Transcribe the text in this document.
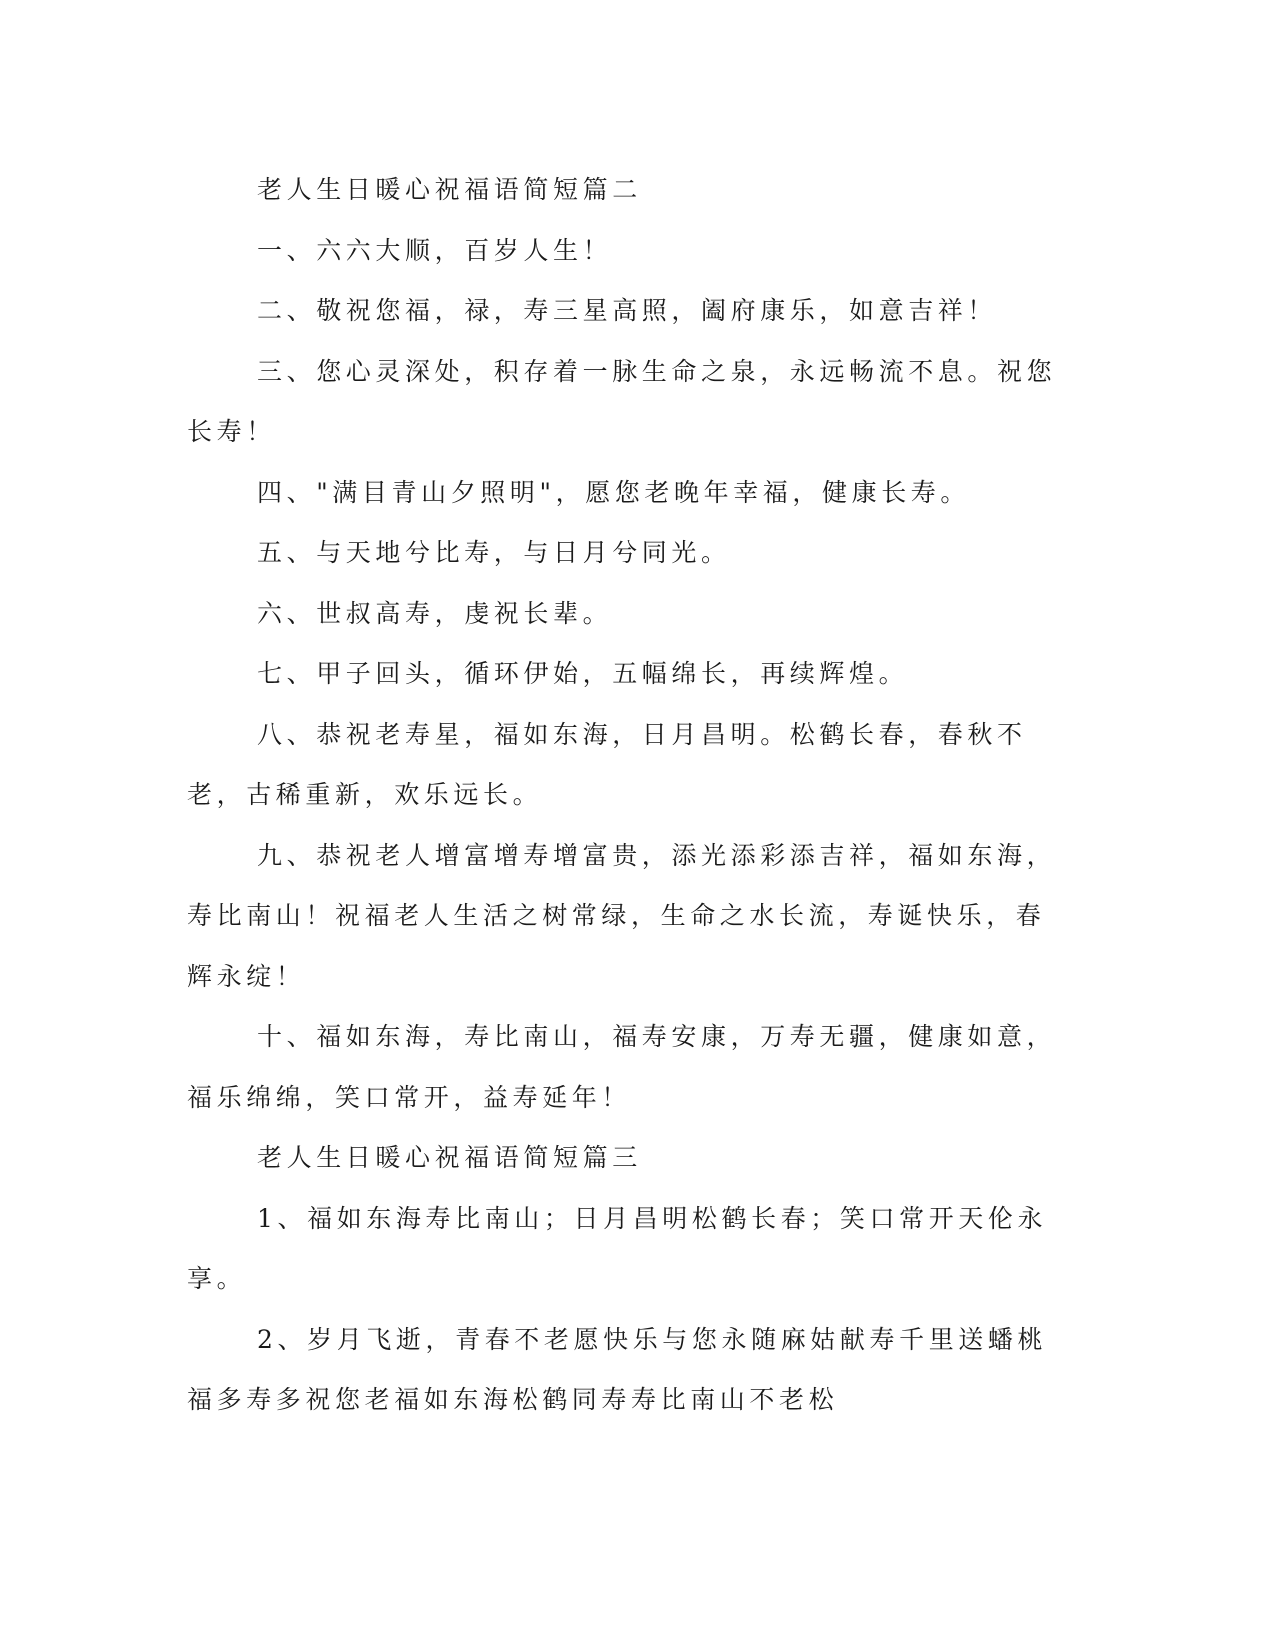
老人生日暖心祝福语简短篇二

一、六六大顺，百岁人生！

二、敬祝您福，禄，寿三星高照，阖府康乐，如意吉祥！

三、您心灵深处，积存着一脉生命之泉，永远畅流不息。祝您长寿！

四、"满目青山夕照明"，愿您老晚年幸福，健康长寿。

五、与天地兮比寿，与日月兮同光。

六、世叔高寿，虔祝长辈。

七、甲子回头，循环伊始，五幅绵长，再续辉煌。

八、恭祝老寿星，福如东海，日月昌明。松鹤长春，春秋不老，古稀重新，欢乐远长。

九、恭祝老人增富增寿增富贵，添光添彩添吉祥，福如东海，寿比南山！祝福老人生活之树常绿，生命之水长流，寿诞快乐，春辉永绽！

十、福如东海，寿比南山，福寿安康，万寿无疆，健康如意，福乐绵绵，笑口常开，益寿延年！

老人生日暖心祝福语简短篇三

1、福如东海寿比南山；日月昌明松鹤长春；笑口常开天伦永享。

2、岁月飞逝，青春不老愿快乐与您永随麻姑献寿千里送蟠桃福多寿多祝您老福如东海松鹤同寿寿比南山不老松
